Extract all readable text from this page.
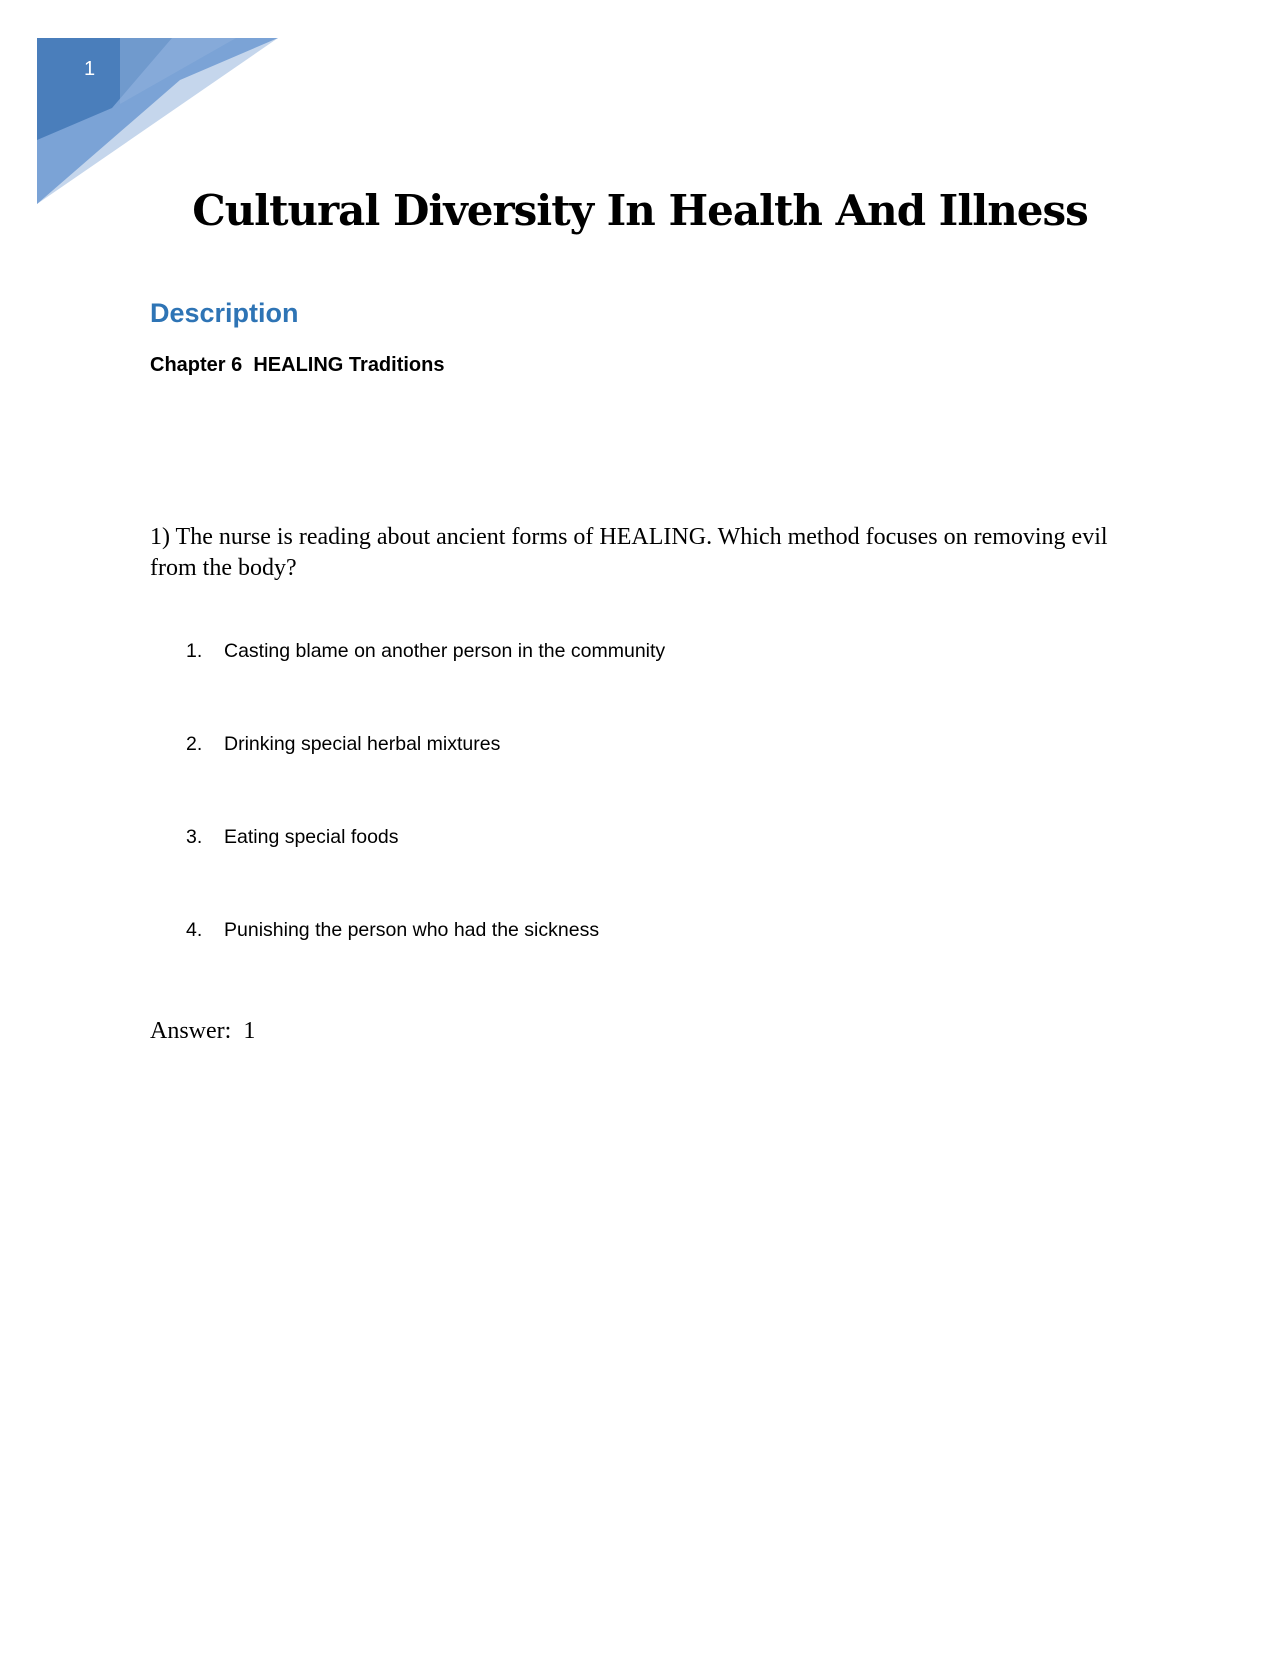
1
Cultural Diversity In Health And Illness
Description

Chapter 6  HEALING Traditions

1) The nurse is reading about ancient forms of HEALING. Which method focuses on removing evil from the body?

1. Casting blame on another person in the community
2. Drinking special herbal mixtures
3. Eating special foods
4. Punishing the person who had the sickness

Answer:  1
